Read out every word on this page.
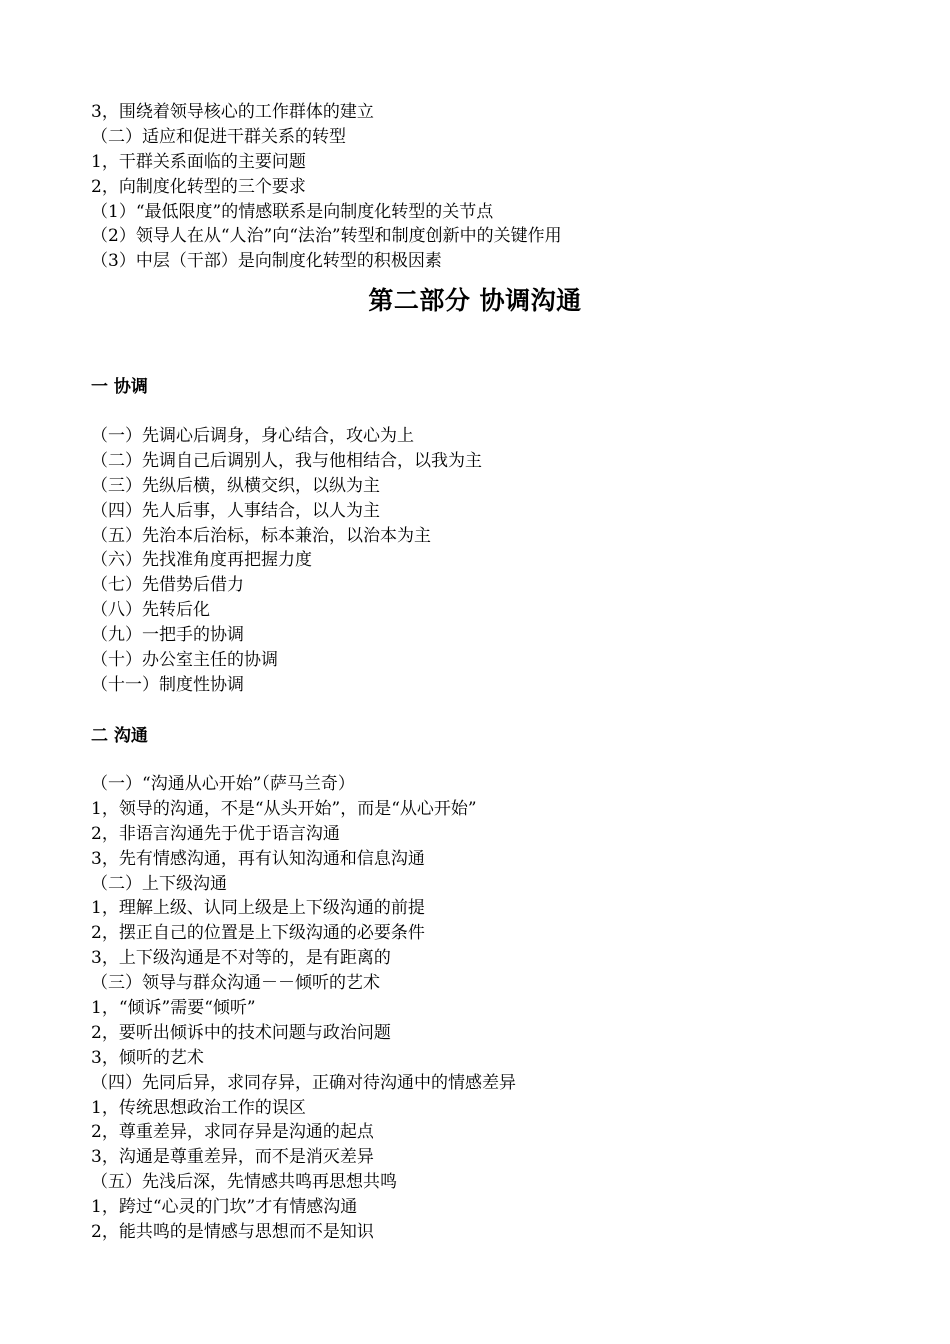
3，围绕着领导核心的工作群体的建立
（二）适应和促进干群关系的转型
1，干群关系面临的主要问题
2，向制度化转型的三个要求
（1）“最低限度”的情感联系是向制度化转型的关节点
（2）领导人在从“人治”向“法治”转型和制度创新中的关键作用
（3）中层（干部）是向制度化转型的积极因素
第二部分 协调沟通
一 协调
（一）先调心后调身，身心结合，攻心为上
（二）先调自己后调别人，我与他相结合，以我为主
（三）先纵后横，纵横交织，以纵为主
（四）先人后事，人事结合，以人为主
（五）先治本后治标，标本兼治，以治本为主
（六）先找准角度再把握力度
（七）先借势后借力
（八）先转后化
（九）一把手的协调
（十）办公室主任的协调
（十一）制度性协调
二 沟通
（一）“沟通从心开始”（萨马兰奇）
1，领导的沟通，不是“从头开始”，而是“从心开始”
2，非语言沟通先于优于语言沟通
3，先有情感沟通，再有认知沟通和信息沟通
（二）上下级沟通
1，理解上级、认同上级是上下级沟通的前提
2，摆正自己的位置是上下级沟通的必要条件
3，上下级沟通是不对等的，是有距离的
（三）领导与群众沟通－－倾听的艺术
1，“倾诉”需要“倾听”
2，要听出倾诉中的技术问题与政治问题
3，倾听的艺术
（四）先同后异，求同存异，正确对待沟通中的情感差异
1，传统思想政治工作的误区
2，尊重差异，求同存异是沟通的起点
3，沟通是尊重差异，而不是消灭差异
（五）先浅后深，先情感共鸣再思想共鸣
1，跨过“心灵的门坎”才有情感沟通
2，能共鸣的是情感与思想而不是知识
